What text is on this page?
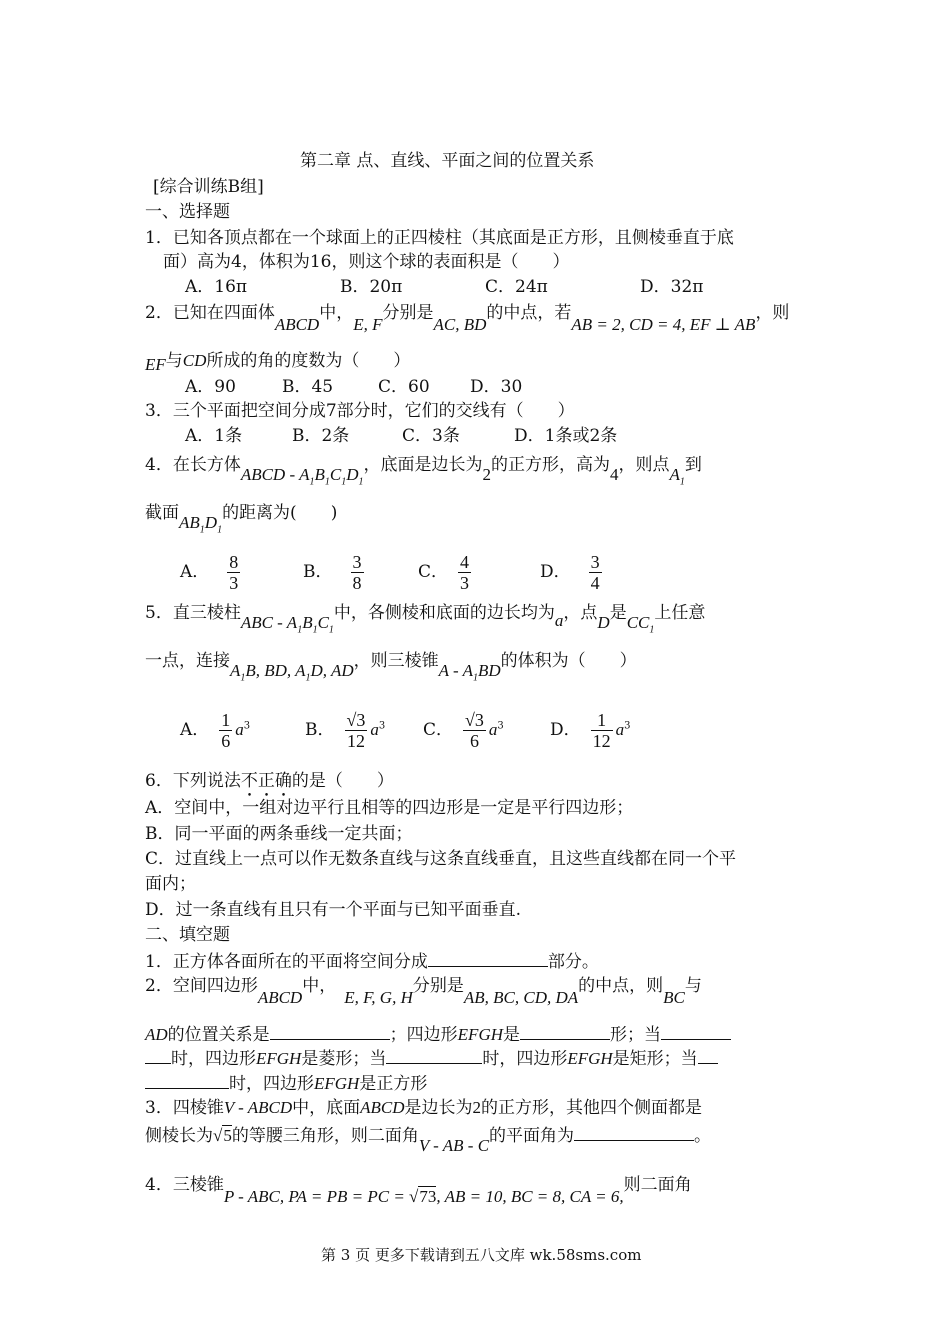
第二章 点、直线、平面之间的位置关系
[综合训练B组]
一、选择题
1．已知各顶点都在一个球面上的正四棱柱（其底面是正方形，且侧棱垂直于底
面）高为4，体积为16，则这个球的表面积是（　　）
A．16π	B．20π	C．24π	D．32π
2．已知在四面体ABCD中，E, F分别是AC, BD的中点，若AB = 2, CD = 4, EF ⊥ AB，则
EF与CD所成的角的度数为（　　）
A．90	B．45	C．60 D．30
3．三个平面把空间分成7部分时，它们的交线有（　　）
A．1条	B．2条	C．3条	D．1条或2条
4．在长方体ABCD - $A_1B_1C_1D_1$，底面是边长为2的正方形，高为4，则点$A_1$到
截面$AB_1D_1$的距离为(　　)
A． $\frac{8}{3}$	B． $\frac{3}{8}$	C． $\frac{4}{3}$	D． $\frac{3}{4}$
5．直三棱柱ABC - $A_1B_1C_1$中，各侧棱和底面的边长均为a，点D是$CC_1$上任意
一点，连接$A_1B$, BD, $A_1D$, AD，则三棱锥A - $A_1BD$的体积为（　　）
A． $\frac{1}{6} a^3$	B． $\frac{√3}{12} a^3$ C． $\frac{√3}{6} a^3$	D． $\frac{1}{12} a^3$
6．下列说法不正确的是（　　）
A．空间中，一组对边平行且相等的四边形是一定是平行四边形；
B．同一平面的两条垂线一定共面；
C．过直线上一点可以作无数条直线与这条直线垂直，且这些直线都在同一个平
面内；
D．过一条直线有且只有一个平面与已知平面垂直.
二、填空题
1．正方体各面所在的平面将空间分成	部分。
2．空间四边形ABCD中，E, F, G, H分别是AB, BC, CD, DA的中点，则BC与
AD的位置关系是	；四边形EFGH是	形；当
时，四边形EFGH是菱形；当	时，四边形EFGH是矩形；当
时，四边形EFGH是正方形
3．四棱锥V - ABCD中，底面ABCD是边长为2的正方形，其他四个侧面都是
侧棱长为√5的等腰三角形，则二面角V - AB - C的平面角为	。
4．三棱锥P - ABC, PA = PB = PC = √73, AB = 10, BC = 8, CA = 6,则二面角
第 3 页 更多下载请到五八文库 wk.58sms.com
